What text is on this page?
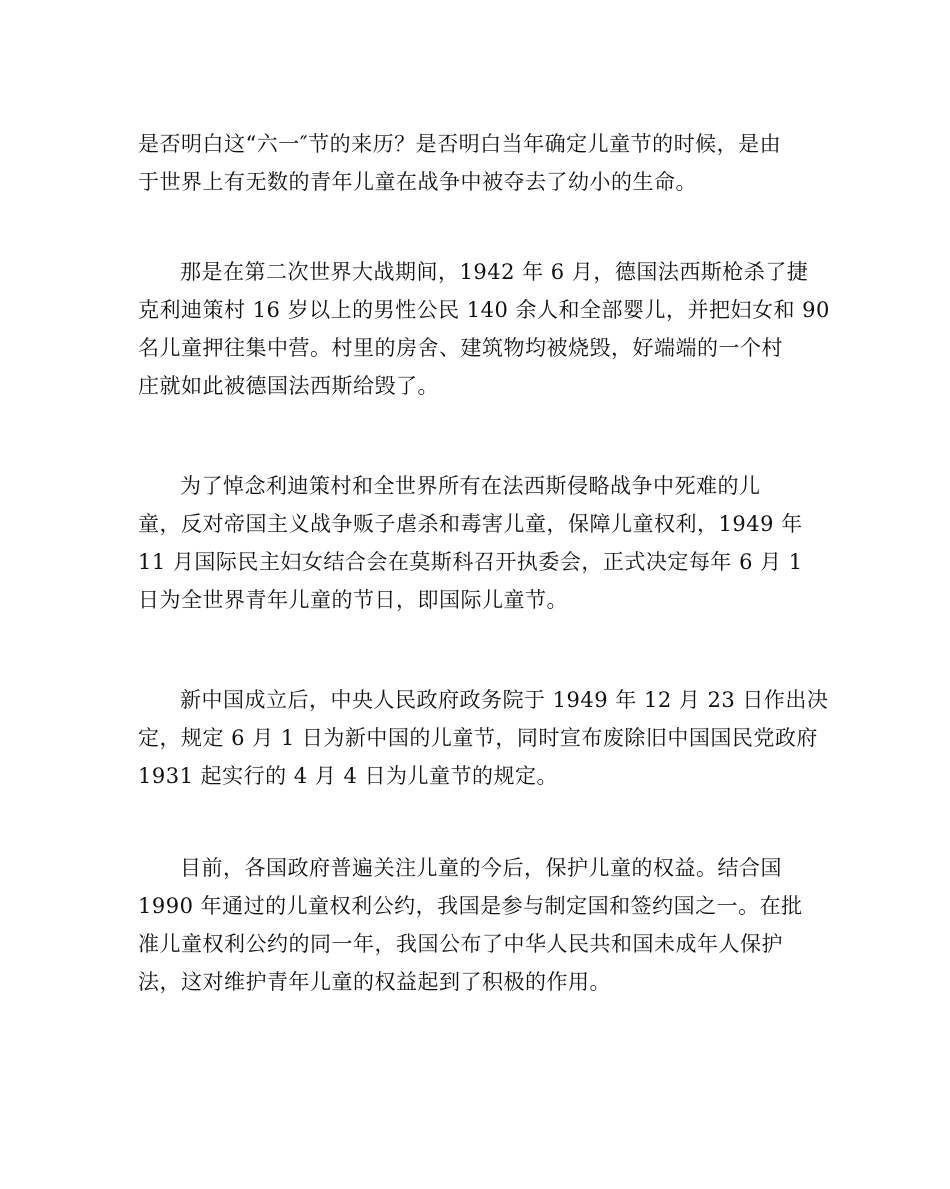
是否明白这“六一″节的来历？是否明白当年确定儿童节的时候，是由
于世界上有无数的青年儿童在战争中被夺去了幼小的生命。
那是在第二次世界大战期间，1942 年 6 月，德国法西斯枪杀了捷
克利迪策村 16 岁以上的男性公民 140 余人和全部婴儿，并把妇女和 90
名儿童押往集中营。村里的房舍、建筑物均被烧毁，好端端的一个村
庄就如此被德国法西斯给毁了。
为了悼念利迪策村和全世界所有在法西斯侵略战争中死难的儿
童，反对帝国主义战争贩子虐杀和毒害儿童，保障儿童权利，1949 年
11 月国际民主妇女结合会在莫斯科召开执委会，正式决定每年 6 月 1
日为全世界青年儿童的节日，即国际儿童节。
新中国成立后，中央人民政府政务院于 1949 年 12 月 23 日作出决
定，规定 6 月 1 日为新中国的儿童节，同时宣布废除旧中国国民党政府
1931 起实行的 4 月 4 日为儿童节的规定。
目前，各国政府普遍关注儿童的今后，保护儿童的权益。结合国
1990 年通过的儿童权利公约，我国是参与制定国和签约国之一。在批
准儿童权利公约的同一年，我国公布了中华人民共和国未成年人保护
法，这对维护青年儿童的权益起到了积极的作用。
